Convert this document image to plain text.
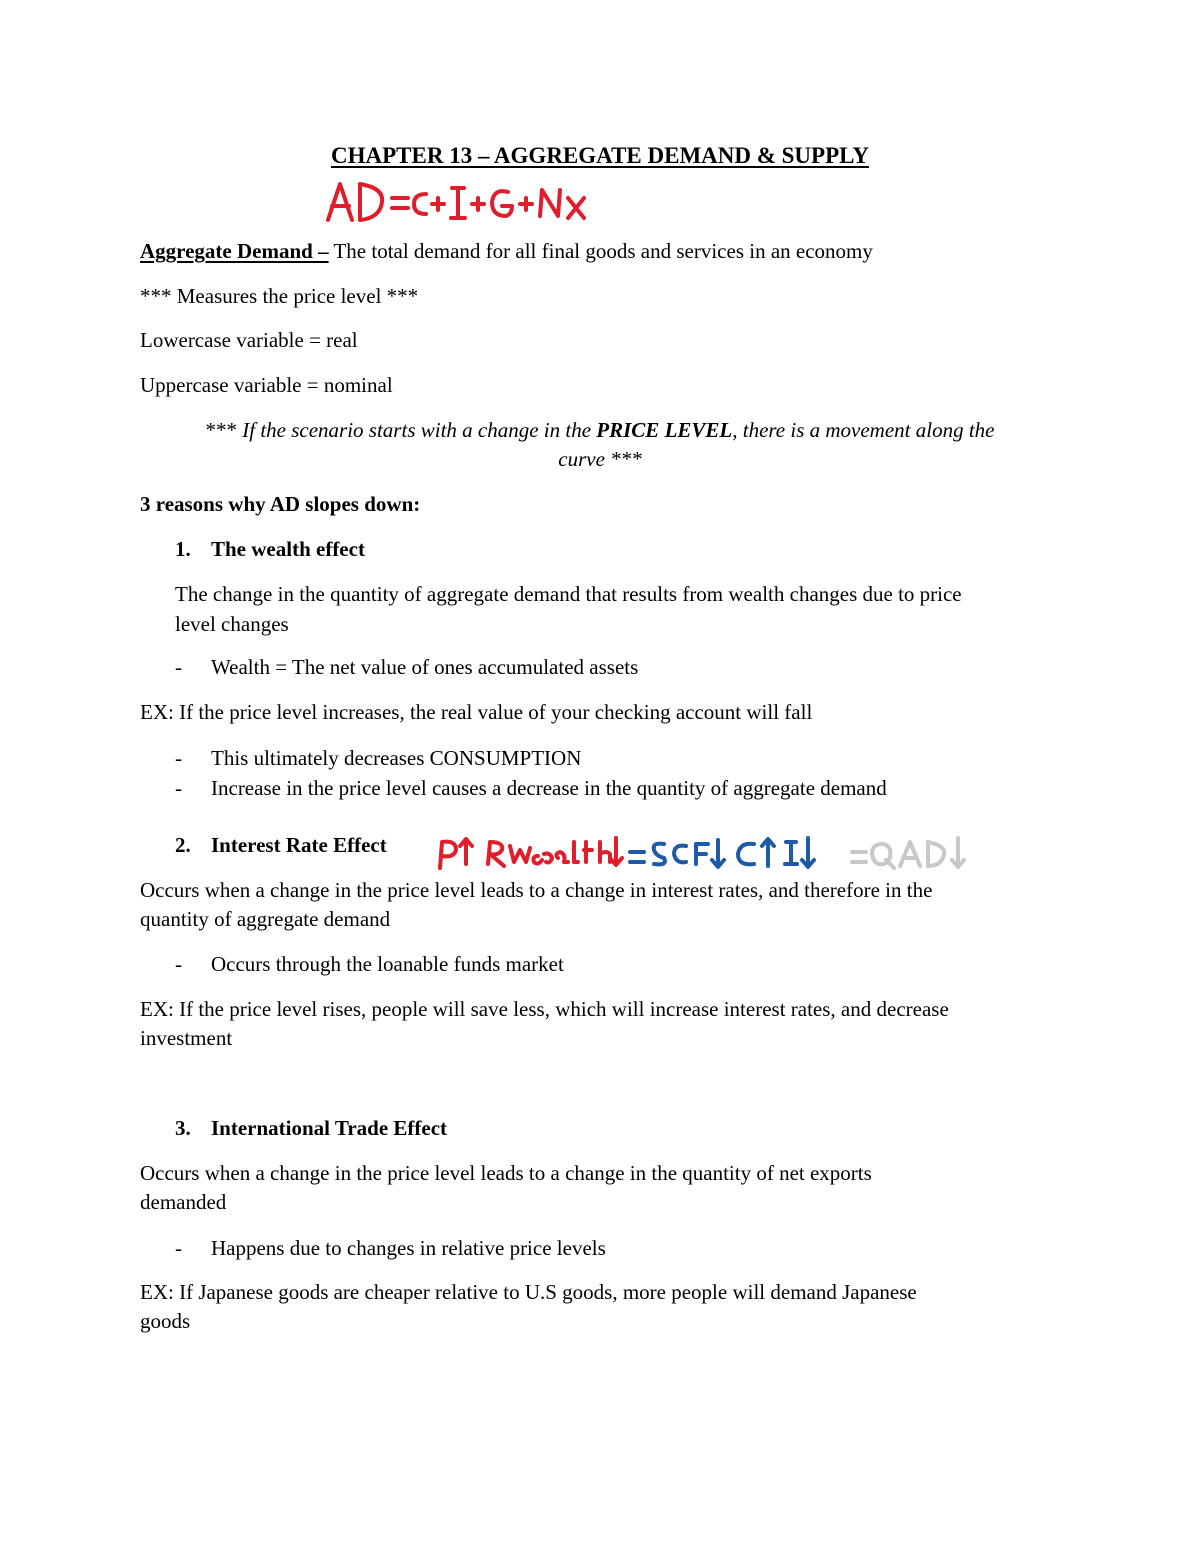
CHAPTER 13 – AGGREGATE DEMAND & SUPPLY
Aggregate Demand – The total demand for all final goods and services in an economy
*** Measures the price level ***
Lowercase variable = real
Uppercase variable = nominal
*** If the scenario starts with a change in the PRICE LEVEL, there is a movement along the
curve ***
3 reasons why AD slopes down:
1. The wealth effect
The change in the quantity of aggregate demand that results from wealth changes due to price
level changes
- Wealth = The net value of ones accumulated assets
EX: If the price level increases, the real value of your checking account will fall
- This ultimately decreases CONSUMPTION
- Increase in the price level causes a decrease in the quantity of aggregate demand
2. Interest Rate Effect
Occurs when a change in the price level leads to a change in interest rates, and therefore in the
quantity of aggregate demand
- Occurs through the loanable funds market
EX: If the price level rises, people will save less, which will increase interest rates, and decrease
investment
3. International Trade Effect
Occurs when a change in the price level leads to a change in the quantity of net exports
demanded
- Happens due to changes in relative price levels
EX: If Japanese goods are cheaper relative to U.S goods, more people will demand Japanese
goods
